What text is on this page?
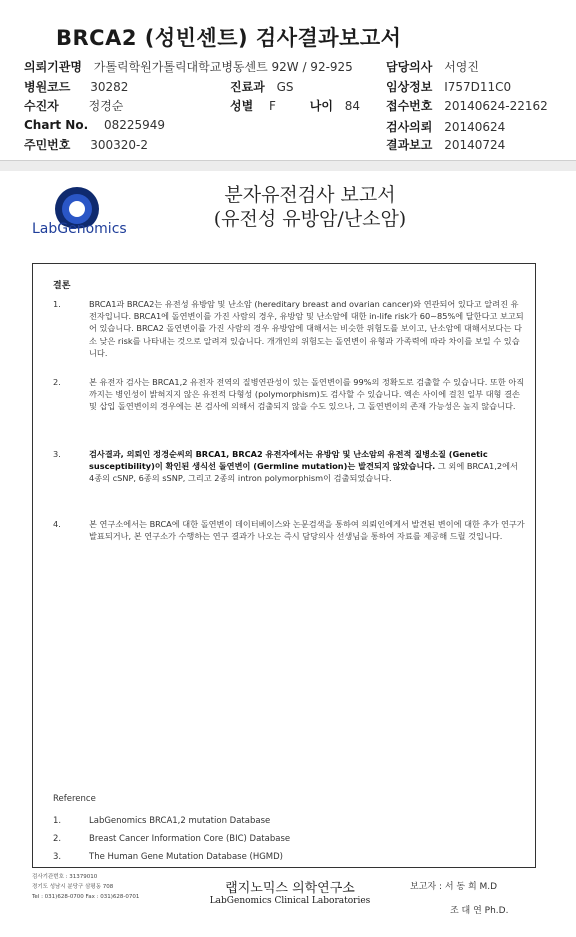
BRCA2 (성빈센트) 검사결과보고서
의뢰기관명 가톨릭학원가톨릭대학교병동센트 92W / 92-925	담당의사 서영진
병원코드 30282	진료과 GS	임상정보 I757D11C0
수진자 정경순	성별 F	나이 84 접수번호 20140624-22162
Chart No. 08225949	검사의뢰 20140624
주민번호 300320-2	결과보고 20140724
LabGenomics
분자유전검사 보고서
(유전성 유방암/난소암)
결론
1.	BRCA1과 BRCA2는 유전성 유방암 및 난소암 (hereditary breast and ovarian cancer)와 연관되어 있다고 알려진 유전자입니다. BRCA1에 돌연변이를 가진 사람의 경우, 유방암 및 난소암에 대한 in-life risk가 60~85%에 달한다고 보고되어 있습니다. BRCA2 돌연변이를 가진 사람의 경우 유방암에 대해서는 비슷한 위험도를 보이고, 난소암에 대해서보다는 다소 낮은 risk를 나타내는 것으로 알려져 있습니다. 개개인의 위험도는 돌연변이 유형과 가족력에 따라 차이를 보일 수 있습니다.
2.	본 유전자 검사는 BRCA1,2 유전자 전역의 질병연관성이 있는 돌연변이를 99%의 정확도로 검출할 수 있습니다. 또한 아직까지는 병인성이 밝혀지지 않은 유전적 다형성 (polymorphism)도 검사할 수 있습니다. 엑손 사이에 걸친 일부 대형 결손 및 삽입 돌연변이의 경우에는 본 검사에 의해서 검출되지 않을 수도 있으나, 그 돌연변이의 존재 가능성은 높지 않습니다.
3.	검사결과, 의뢰인 정경순씨의 BRCA1, BRCA2 유전자에서는 유방암 및 난소암의 유전적 질병소질 (Genetic susceptibility)이 확인된 생식선 돌연변이 (Germline mutation)는 발견되지 않았습니다. 그 외에 BRCA1,2에서 4종의 cSNP, 6종의 sSNP, 그리고 2종의 intron polymorphism이 검출되었습니다.
4.	본 연구소에서는 BRCA에 대한 돌연변이 데이터베이스와 논문검색을 통하여 의뢰인에게서 발견된 변이에 대한 추가 연구가 발표되거나, 본 연구소가 수행하는 연구 결과가 나오는 즉시 담당의사 선생님을 통하여 자료를 제공해 드릴 것입니다.
Reference
1.	LabGenomics BRCA1,2 mutation Database
2.	Breast Cancer Information Core (BIC) Database
3.	The Human Gene Mutation Database (HGMD)
검사기관번호 : 31379010
경기도 성남시 분당구 삼평동 708
Tel : 031)628-0700 Fax : 031)628-0701
랩지노믹스 의학연구소
LabGenomics Clinical Laboratories
보고자 : 서 동 희 M.D
조 대 연 Ph.D.
